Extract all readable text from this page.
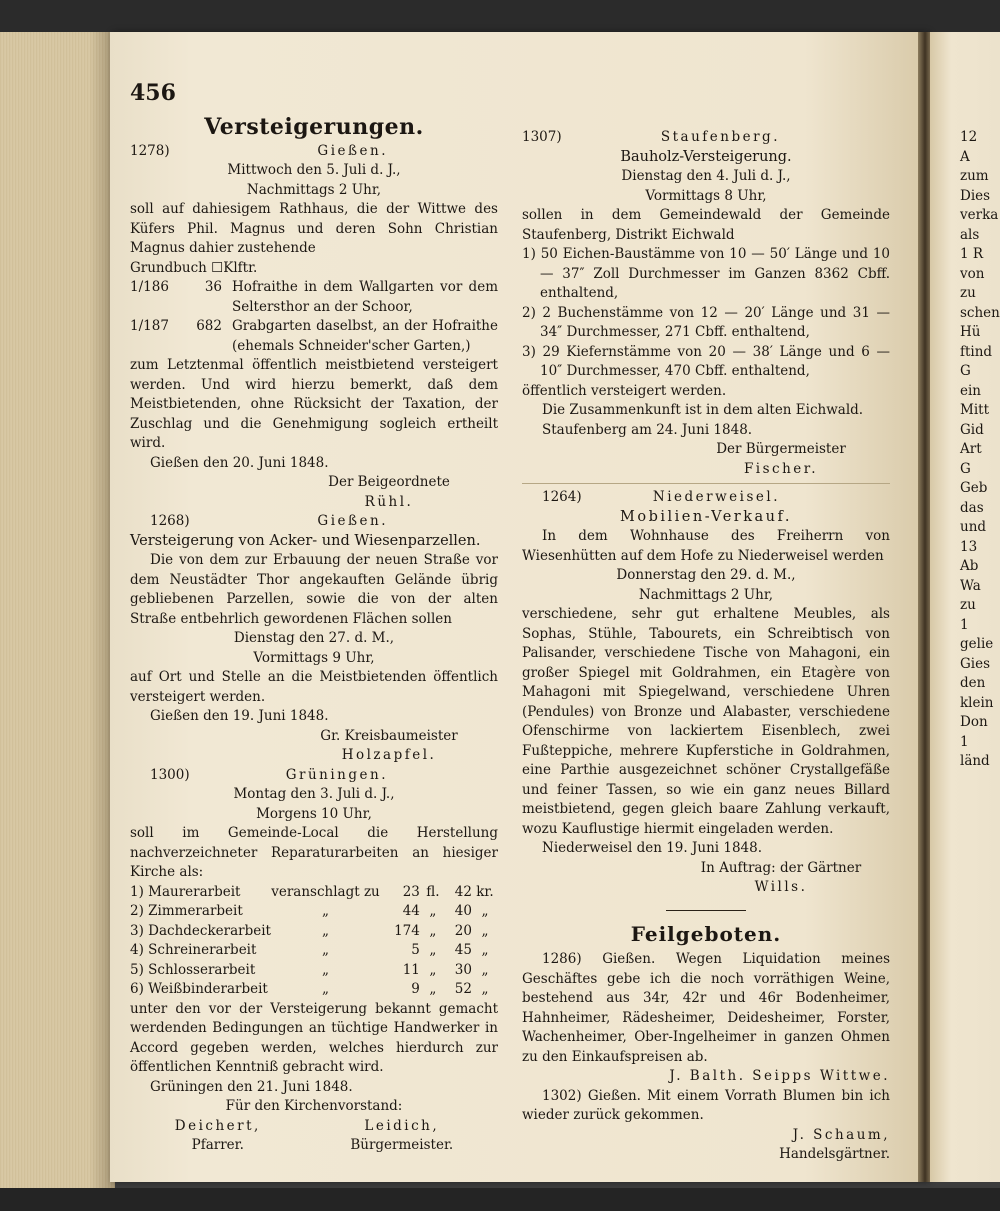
456
Versteigerungen.
1278)	Gießen.
Mittwoch den 5. Juli d. J.,
Nachmittags 2 Uhr,

soll auf dahiesigem Rathhaus, die der Wittwe des Küfers Phil. Magnus und deren Sohn Christian Magnus dahier zustehende

Grundbuch ☐Klftr.
1/186	36 Hofraithe in dem Wallgarten vor dem Seltersthor an der Schoor,
1/187	682 Grabgarten daselbst, an der Hofraithe (ehemals Schneider'scher Garten,)

zum Letztenmal öffentlich meistbietend versteigert werden. Und wird hierzu bemerkt, daß dem Meistbietenden, ohne Rücksicht der Taxation, der Zuschlag und die Genehmigung sogleich ertheilt wird.

Gießen den 20. Juni 1848.
Der Beigeordnete
Rühl.
1268)	Gießen.
Versteigerung von Acker- und Wiesenparzellen.

Die von dem zur Erbauung der neuen Straße vor dem Neustädter Thor angekauften Gelände übrig gebliebenen Parzellen, sowie die von der alten Straße entbehrlich gewordenen Flächen sollen

Dienstag den 27. d. M.,
Vormittags 9 Uhr,

auf Ort und Stelle an die Meistbietenden öffentlich versteigert werden.

Gießen den 19. Juni 1848.
Gr. Kreisbaumeister
Holzapfel.
1300)	Grüningen.
Montag den 3. Juli d. J.,
Morgens 10 Uhr,

soll im Gemeinde-Local die Herstellung nachverzeichneter Reparaturarbeiten an hiesiger Kirche als:

1) Maurerarbeit	veranschlagt zu	23	fl.	42	kr.
2) Zimmerarbeit	„	44	„	40	„
3) Dachdeckerarbeit	„	174	„	20	„
4) Schreinerarbeit	„	5	„	45	„
5) Schlosserarbeit	„	11	„	30	„
6) Weißbinderarbeit	„	9	„	52	„

unter den vor der Versteigerung bekannt gemacht werdenden Bedingungen an tüchtige Handwerker in Accord gegeben werden, welches hierdurch zur öffentlichen Kenntniß gebracht wird.

Grüningen den 21. Juni 1848.
Für den Kirchenvorstand:
Deichert,
Pfarrer.
Leidich,
Bürgermeister.
1307)	Staufenberg.
Bauholz-Versteigerung.
Dienstag den 4. Juli d. J.,
Vormittags 8 Uhr,

sollen in dem Gemeindewald der Gemeinde Staufenberg, Distrikt Eichwald

1) 50 Eichen-Baustämme von 10 — 50′ Länge und 10 — 37″ Zoll Durchmesser im Ganzen 8362 Cbff. enthaltend,

2) 2 Buchenstämme von 12 — 20′ Länge und 31 — 34″ Durchmesser, 271 Cbff. enthaltend,

3) 29 Kiefernstämme von 20 — 38′ Länge und 6 — 10″ Durchmesser, 470 Cbff. enthaltend,

öffentlich versteigert werden.
Die Zusammenkunft ist in dem alten Eichwald.
Staufenberg am 24. Juni 1848.
Der Bürgermeister
Fischer.
1264)	Niederweisel.
Mobilien-Verkauf.

In dem Wohnhause des Freiherrn von Wiesenhütten auf dem Hofe zu Niederweisel werden

Donnerstag den 29. d. M.,
Nachmittags 2 Uhr,

verschiedene, sehr gut erhaltene Meubles, als Sophas, Stühle, Tabourets, ein Schreibtisch von Palisander, verschiedene Tische von Mahagoni, ein großer Spiegel mit Goldrahmen, ein Etagère von Mahagoni mit Spiegelwand, verschiedene Uhren (Pendules) von Bronze und Alabaster, verschiedene Ofenschirme von lackiertem Eisenblech, zwei Fußteppiche, mehrere Kupferstiche in Goldrahmen, eine Parthie ausgezeichnet schöner Crystallgefäße und feiner Tassen, so wie ein ganz neues Billard meistbietend, gegen gleich baare Zahlung verkauft, wozu Kauflustige hiermit eingeladen werden.

Niederweisel den 19. Juni 1848.
In Auftrag: der Gärtner
Wills.
Feilgeboten.

1286) Gießen. Wegen Liquidation meines Geschäftes gebe ich die noch vorräthigen Weine, bestehend aus 34r, 42r und 46r Bodenheimer, Hahnheimer, Rädesheimer, Deidesheimer, Forster, Wachenheimer, Ober-Ingelheimer in ganzen Ohmen zu den Einkaufspreisen ab.

J. Balth. Seipps Wittwe.

1302) Gießen. Mit einem Vorrath Blumen bin ich wieder zurück gekommen.

J. Schaum,
Handelsgärtner.
12
A
zum
Dies
verka
als
1 R
von
zu
schen
Hü
ftind
G
ein
Mitt
Gid
Art
G
Geb
das
und
13
Ab
Wa
zu
1
gelie
Gies
den
klein
Don
1
länd
